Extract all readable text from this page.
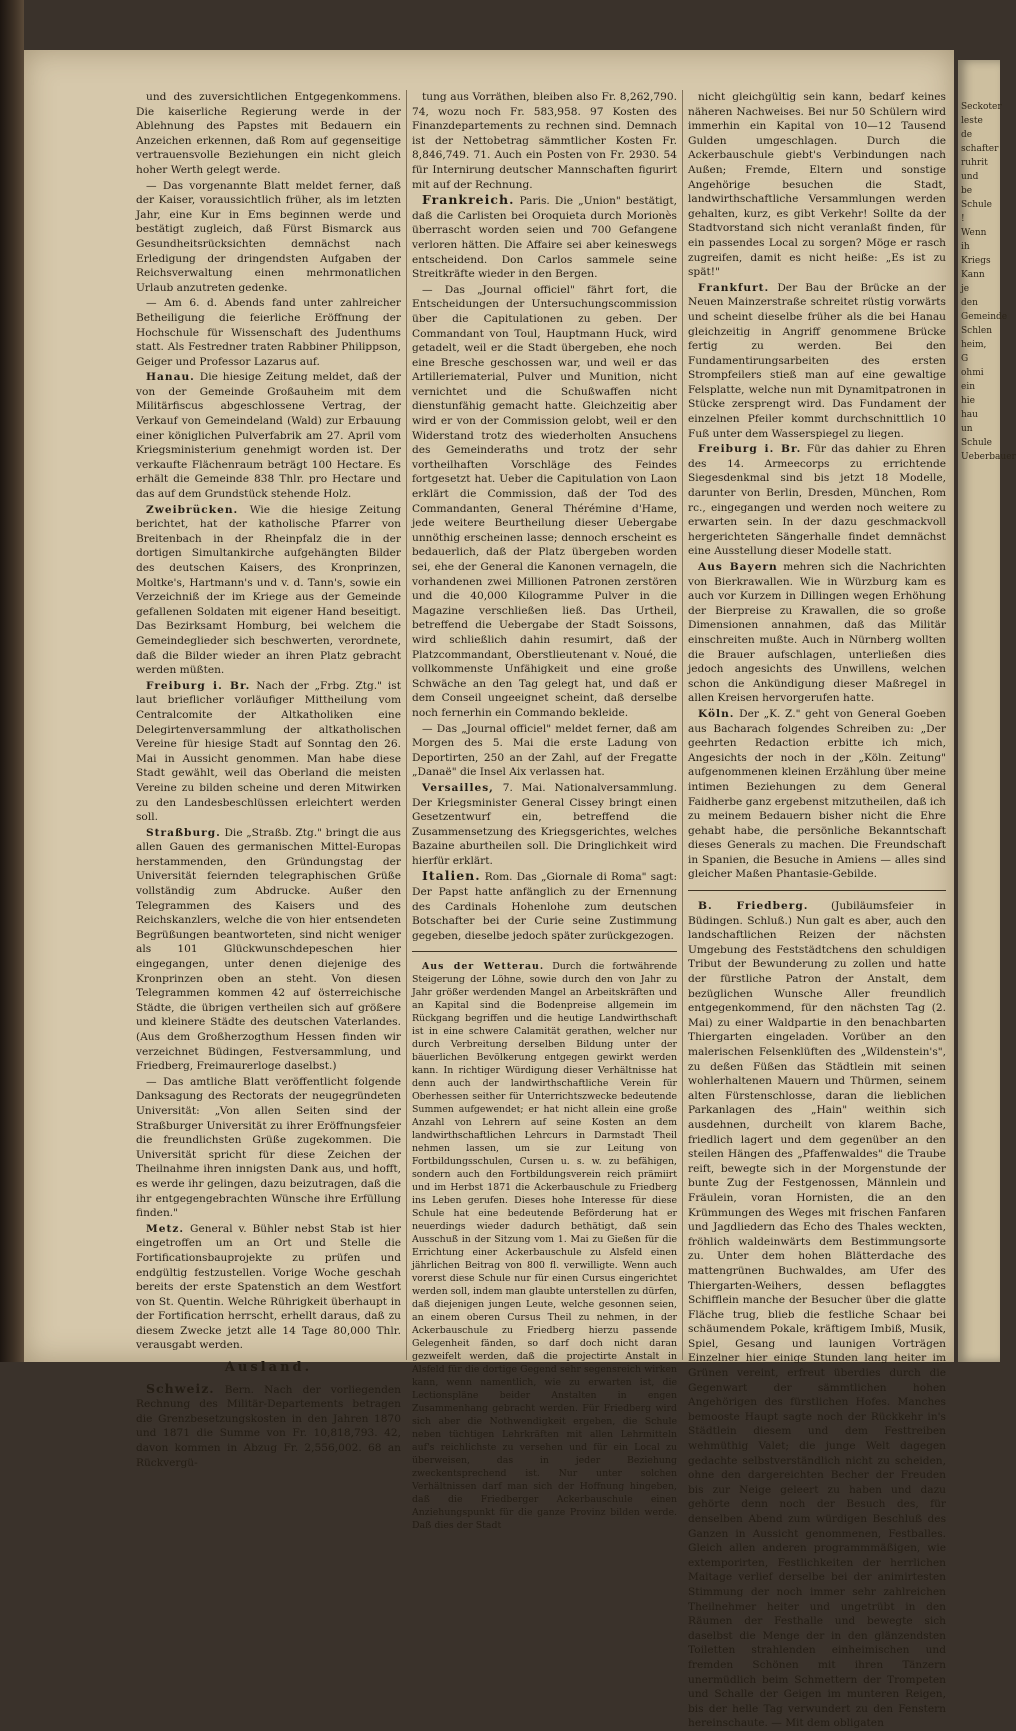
und des zuversichtlichen Entgegenkommens. Die kaiserliche Regierung werde in der Ablehnung des Papstes mit Bedauern ein Anzeichen erkennen, daß Rom auf gegenseitige vertrauensvolle Beziehungen ein nicht gleich hoher Werth gelegt werde.

— Das vorgenannte Blatt meldet ferner, daß der Kaiser, voraussichtlich früher, als im letzten Jahr, eine Kur in Ems beginnen werde und bestätigt zugleich, daß Fürst Bismarck aus Gesundheitsrücksichten demnächst nach Erledigung der dringendsten Aufgaben der Reichsverwaltung einen mehrmonatlichen Urlaub anzutreten gedenke.

— Am 6. d. Abends fand unter zahlreicher Betheiligung die feierliche Eröffnung der Hochschule für Wissenschaft des Judenthums statt. Als Festredner traten Rabbiner Philippson, Geiger und Professor Lazarus auf.

Hanau. Die hiesige Zeitung meldet, daß der von der Gemeinde Großauheim mit dem Militärfiscus abgeschlossene Vertrag, der Verkauf von Gemeindeland (Wald) zur Erbauung einer königlichen Pulverfabrik am 27. April vom Kriegsministerium genehmigt worden ist. Der verkaufte Flächenraum beträgt 100 Hectare. Es erhält die Gemeinde 838 Thlr. pro Hectare und das auf dem Grundstück stehende Holz.

Zweibrücken. Wie die hiesige Zeitung berichtet, hat der katholische Pfarrer von Breitenbach in der Rheinpfalz die in der dortigen Simultankirche aufgehängten Bilder des deutschen Kaisers, des Kronprinzen, Moltke's, Hartmann's und v. d. Tann's, sowie ein Verzeichniß der im Kriege aus der Gemeinde gefallenen Soldaten mit eigener Hand beseitigt. Das Bezirksamt Homburg, bei welchem die Gemeindeglieder sich beschwerten, verordnete, daß die Bilder wieder an ihren Platz gebracht werden müßten.

Freiburg i. Br. Nach der „Frbg. Ztg." ist laut brieflicher vorläufiger Mittheilung vom Centralcomite der Altkatholiken eine Delegirtenversammlung der altkatholischen Vereine für hiesige Stadt auf Sonntag den 26. Mai in Aussicht genommen. Man habe diese Stadt gewählt, weil das Oberland die meisten Vereine zu bilden scheine und deren Mitwirken zu den Landesbeschlüssen erleichtert werden soll.

Straßburg. Die „Straßb. Ztg." bringt die aus allen Gauen des germanischen Mittel-Europas herstammenden, den Gründungstag der Universität feiernden telegraphischen Grüße vollständig zum Abdrucke. Außer den Telegrammen des Kaisers und des Reichskanzlers, welche die von hier entsendeten Begrüßungen beantworteten, sind nicht weniger als 101 Glückwunschdepeschen hier eingegangen, unter denen diejenige des Kronprinzen oben an steht. Von diesen Telegrammen kommen 42 auf österreichische Städte, die übrigen vertheilen sich auf größere und kleinere Städte des deutschen Vaterlandes. (Aus dem Großherzogthum Hessen finden wir verzeichnet Büdingen, Festversammlung, und Friedberg, Freimaurerloge daselbst.)

— Das amtliche Blatt veröffentlicht folgende Danksagung des Rectorats der neugegründeten Universität: „Von allen Seiten sind der Straßburger Universität zu ihrer Eröffnungsfeier die freundlichsten Grüße zugekommen. Die Universität spricht für diese Zeichen der Theilnahme ihren innigsten Dank aus, und hofft, es werde ihr gelingen, dazu beizutragen, daß die ihr entgegengebrachten Wünsche ihre Erfüllung finden."

Metz. General v. Bühler nebst Stab ist hier eingetroffen um an Ort und Stelle die Fortificationsbauprojekte zu prüfen und endgültig festzustellen. Vorige Woche geschah bereits der erste Spatenstich an dem Westfort von St. Quentin. Welche Rührigkeit überhaupt in der Fortification herrscht, erhellt daraus, daß zu diesem Zwecke jetzt alle 14 Tage 80,000 Thlr. verausgabt werden.

Ausland.

Schweiz. Bern. Nach der vorliegenden Rechnung des Militär-Departements betragen die Grenzbesetzungskosten in den Jahren 1870 und 1871 die Summe von Fr. 10,818,793. 42, davon kommen in Abzug Fr. 2,556,002. 68 an Rückvergü-

tung aus Vorräthen, bleiben also Fr. 8,262,790. 74, wozu noch Fr. 583,958. 97 Kosten des Finanzdepartements zu rechnen sind. Demnach ist der Nettobetrag sämmtlicher Kosten Fr. 8,846,749. 71. Auch ein Posten von Fr. 2930. 54 für Internirung deutscher Mannschaften figurirt mit auf der Rechnung.

Frankreich. Paris. Die „Union" bestätigt, daß die Carlisten bei Oroquieta durch Morionès überrascht worden seien und 700 Gefangene verloren hätten. Die Affaire sei aber keineswegs entscheidend. Don Carlos sammele seine Streitkräfte wieder in den Bergen.

— Das „Journal officiel" fährt fort, die Entscheidungen der Untersuchungscommission über die Capitulationen zu geben. Der Commandant von Toul, Hauptmann Huck, wird getadelt, weil er die Stadt übergeben, ehe noch eine Bresche geschossen war, und weil er das Artilleriematerial, Pulver und Munition, nicht vernichtet und die Schußwaffen nicht dienstunfähig gemacht hatte. Gleichzeitig aber wird er von der Commission gelobt, weil er den Widerstand trotz des wiederholten Ansuchens des Gemeinderaths und trotz der sehr vortheilhaften Vorschläge des Feindes fortgesetzt hat. Ueber die Capitulation von Laon erklärt die Commission, daß der Tod des Commandanten, General Thérémine d'Hame, jede weitere Beurtheilung dieser Uebergabe unnöthig erscheinen lasse; dennoch erscheint es bedauerlich, daß der Platz übergeben worden sei, ehe der General die Kanonen vernageln, die vorhandenen zwei Millionen Patronen zerstören und die 40,000 Kilogramme Pulver in die Magazine verschließen ließ. Das Urtheil, betreffend die Uebergabe der Stadt Soissons, wird schließlich dahin resumirt, daß der Platzcommandant, Oberstlieutenant v. Noué, die vollkommenste Unfähigkeit und eine große Schwäche an den Tag gelegt hat, und daß er dem Conseil ungeeignet scheint, daß derselbe noch fernerhin ein Commando bekleide.

— Das „Journal officiel" meldet ferner, daß am Morgen des 5. Mai die erste Ladung von Deportirten, 250 an der Zahl, auf der Fregatte „Danaë" die Insel Aix verlassen hat.

Versailles, 7. Mai. Nationalversammlung. Der Kriegsminister General Cissey bringt einen Gesetzentwurf ein, betreffend die Zusammensetzung des Kriegsgerichtes, welches Bazaine aburtheilen soll. Die Dringlichkeit wird hierfür erklärt.

Italien. Rom. Das „Giornale di Roma" sagt: Der Papst hatte anfänglich zu der Ernennung des Cardinals Hohenlohe zum deutschen Botschafter bei der Curie seine Zustimmung gegeben, dieselbe jedoch später zurückgezogen.

Aus der Wetterau. Durch die fortwährende Steigerung der Löhne, sowie durch den von Jahr zu Jahr größer werdenden Mangel an Arbeitskräften und an Kapital sind die Bodenpreise allgemein im Rückgang begriffen und die heutige Landwirthschaft ist in eine schwere Calamität gerathen, welcher nur durch Verbreitung derselben Bildung unter der bäuerlichen Bevölkerung entgegen gewirkt werden kann. In richtiger Würdigung dieser Verhältnisse hat denn auch der landwirthschaftliche Verein für Oberhessen seither für Unterrichtszwecke bedeutende Summen aufgewendet; er hat nicht allein eine große Anzahl von Lehrern auf seine Kosten an dem landwirthschaftlichen Lehrcurs in Darmstadt Theil nehmen lassen, um sie zur Leitung von Fortbildungsschulen, Cursen u. s. w. zu befähigen, sondern auch den Fortbildungsverein reich prämiirt und im Herbst 1871 die Ackerbauschule zu Friedberg ins Leben gerufen. Dieses hohe Interesse für diese Schule hat eine bedeutende Beförderung hat er neuerdings wieder dadurch bethätigt, daß sein Ausschuß in der Sitzung vom 1. Mai zu Gießen für die Errichtung einer Ackerbauschule zu Alsfeld einen jährlichen Beitrag von 800 fl. verwilligte. Wenn auch vorerst diese Schule nur für einen Cursus eingerichtet werden soll, indem man glaubte unterstellen zu dürfen, daß diejenigen jungen Leute, welche gesonnen seien, an einem oberen Cursus Theil zu nehmen, in der Ackerbauschule zu Friedberg hierzu passende Gelegenheit fänden, so darf doch nicht daran gezweifelt werden, daß die projectirte Anstalt in Alsfeld für die dortige Gegend sehr segensreich wirken kann, wenn namentlich, wie zu erwarten ist, die Lectionspläne beider Anstalten in engen Zusammenhang gebracht werden. Für Friedberg wird sich aber die Nothwendigkeit ergeben, die Schule neben tüchtigen Lehrkräften mit allen Lehrmitteln auf's reichlichste zu versehen und für ein Local zu überweisen, das in jeder Beziehung zweckentsprechend ist. Nur unter solchen Verhältnissen darf man sich der Hoffnung hingeben, daß die Friedberger Ackerbauschule einen Anziehungspunkt für die ganze Provinz bilden werde. Daß dies der Stadt

nicht gleichgültig sein kann, bedarf keines näheren Nachweises. Bei nur 50 Schülern wird immerhin ein Kapital von 10—12 Tausend Gulden umgeschlagen. Durch die Ackerbauschule giebt's Verbindungen nach Außen; Fremde, Eltern und sonstige Angehörige besuchen die Stadt, landwirthschaftliche Versammlungen werden gehalten, kurz, es gibt Verkehr! Sollte da der Stadtvorstand sich nicht veranlaßt finden, für ein passendes Local zu sorgen? Möge er rasch zugreifen, damit es nicht heiße: „Es ist zu spät!"

Frankfurt. Der Bau der Brücke an der Neuen Mainzerstraße schreitet rüstig vorwärts und scheint dieselbe früher als die bei Hanau gleichzeitig in Angriff genommene Brücke fertig zu werden. Bei den Fundamentirungsarbeiten des ersten Strompfeilers stieß man auf eine gewaltige Felsplatte, welche nun mit Dynamitpatronen in Stücke zersprengt wird. Das Fundament der einzelnen Pfeiler kommt durchschnittlich 10 Fuß unter dem Wasserspiegel zu liegen.

Freiburg i. Br. Für das dahier zu Ehren des 14. Armeecorps zu errichtende Siegesdenkmal sind bis jetzt 18 Modelle, darunter von Berlin, Dresden, München, Rom rc., eingegangen und werden noch weitere zu erwarten sein. In der dazu geschmackvoll hergerichteten Sängerhalle findet demnächst eine Ausstellung dieser Modelle statt.

Aus Bayern mehren sich die Nachrichten von Bierkrawallen. Wie in Würzburg kam es auch vor Kurzem in Dillingen wegen Erhöhung der Bierpreise zu Krawallen, die so große Dimensionen annahmen, daß das Militär einschreiten mußte. Auch in Nürnberg wollten die Brauer aufschlagen, unterließen dies jedoch angesichts des Unwillens, welchen schon die Ankündigung dieser Maßregel in allen Kreisen hervorgerufen hatte.

Köln. Der „K. Z." geht von General Goeben aus Bacharach folgendes Schreiben zu: „Der geehrten Redaction erbitte ich mich, Angesichts der noch in der „Köln. Zeitung" aufgenommenen kleinen Erzählung über meine intimen Beziehungen zu dem General Faidherbe ganz ergebenst mitzutheilen, daß ich zu meinem Bedauern bisher nicht die Ehre gehabt habe, die persönliche Bekanntschaft dieses Generals zu machen. Die Freundschaft in Spanien, die Besuche in Amiens — alles sind gleicher Maßen Phantasie-Gebilde.

B. Friedberg. (Jubiläumsfeier in Büdingen. Schluß.) Nun galt es aber, auch den landschaftlichen Reizen der nächsten Umgebung des Feststädtchens den schuldigen Tribut der Bewunderung zu zollen und hatte der fürstliche Patron der Anstalt, dem bezüglichen Wunsche Aller freundlich entgegenkommend, für den nächsten Tag (2. Mai) zu einer Waldpartie in den benachbarten Thiergarten eingeladen. Vorüber an den malerischen Felsenklüften des „Wildenstein's", zu deßen Füßen das Städtlein mit seinen wohlerhaltenen Mauern und Thürmen, seinem alten Fürstenschlosse, daran die lieblichen Parkanlagen des „Hain" weithin sich ausdehnen, durcheilt von klarem Bache, friedlich lagert und dem gegenüber an den steilen Hängen des „Pfaffenwaldes" die Traube reift, bewegte sich in der Morgenstunde der bunte Zug der Festgenossen, Männlein und Fräulein, voran Hornisten, die an den Krümmungen des Weges mit frischen Fanfaren und Jagdliedern das Echo des Thales weckten, fröhlich waldeinwärts dem Bestimmungsorte zu. Unter dem hohen Blätterdache des mattengrünen Buchwaldes, am Ufer des Thiergarten-Weihers, dessen beflaggtes Schifflein manche der Besucher über die glatte Fläche trug, blieb die festliche Schaar bei schäumendem Pokale, kräftigem Imbiß, Musik, Spiel, Gesang und launigen Vorträgen Einzelner hier einige Stunden lang heiter im Grünen vereint, erfreut überdies durch die Gegenwart der sämmtlichen hohen Angehörigen des fürstlichen Hofes. Manches bemooste Haupt sagte noch der Rückkehr in's Städtlein diesem und dem Festtreiben wehmüthig Valet; die junge Welt dagegen gedachte selbstverständlich nicht zu scheiden, ohne den dargereichten Becher der Freuden bis zur Neige geleert zu haben und dazu gehörte denn noch der Besuch des, für denselben Abend zum würdigen Beschluß des Ganzen in Aussicht genommenen, Festballes. Gleich allen anderen programmmäßigen, wie extemporirten, Festlichkeiten der herrlichen Maitage verlief derselbe bei der animirtesten Stimmung der noch immer sehr zahlreichen Theilnehmer heiter und ungetrübt in den Räumen der Festhalle und bewegte sich daselbst die Menge der in den glänzendsten Toiletten strahlenden einheimischen und fremden Schönen mit ihren Tänzern unermüdlich beim Schmettern der Trompeten und Schalle der Geigen im munteren Reigen, bis der helle Tag verwundert zu den Fenstern hereinschaute. — Mit dem obligaten

Seckoter
leste
de
schafter
ruhrit
und
be
Schule
!
Wenn
ih
Kriegs
Kann
je
den
Gemeinde
Schlen
heim,
G
ohmi
ein
hie
hau
un
Schule
Ueberbauer
